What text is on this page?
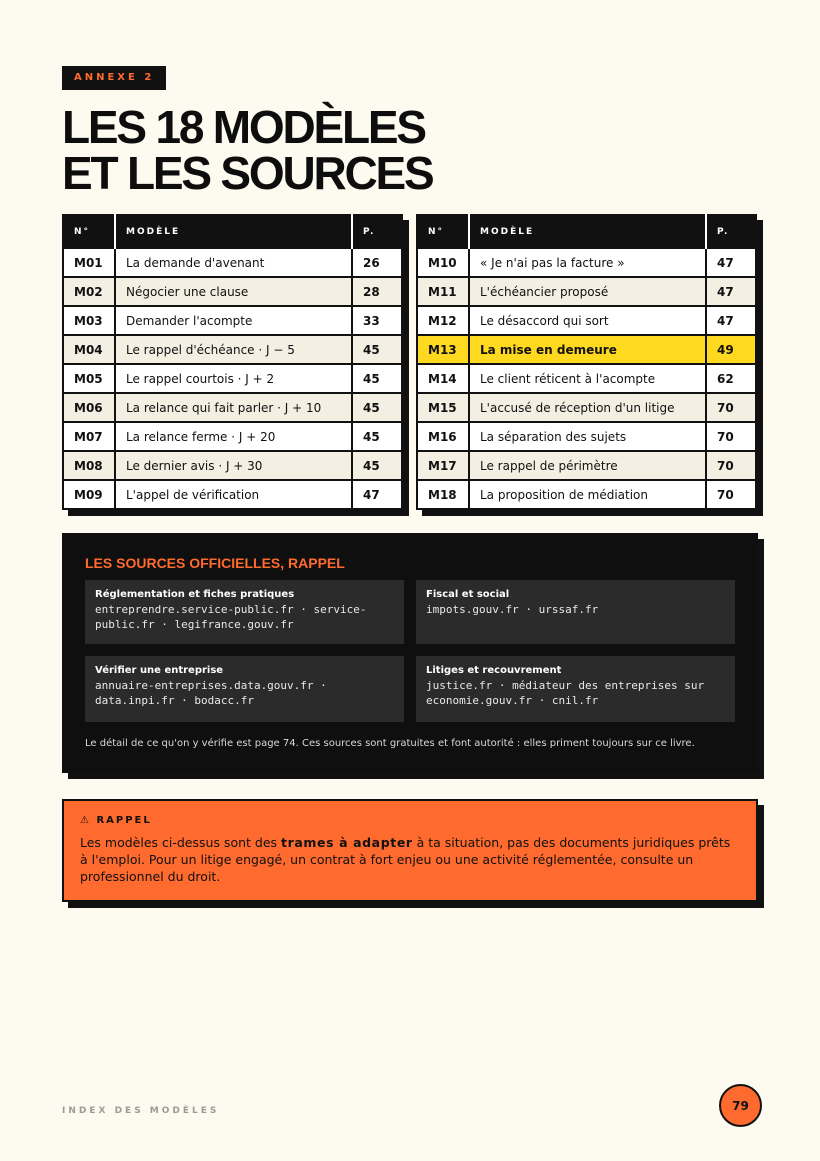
ANNEXE 2
LES 18 MODÈLES
ET LES SOURCES
N°	MODÈLE	P.
M01	La demande d'avenant	26
M02	Négocier une clause	28
M03	Demander l'acompte	33
M04	Le rappel d'échéance · J − 5	45
M05	Le rappel courtois · J + 2	45
M06	La relance qui fait parler · J + 10	45
M07	La relance ferme · J + 20	45
M08	Le dernier avis · J + 30	45
M09	L'appel de vérification	47
N°	MODÈLE	P.
M10	« Je n'ai pas la facture »	47
M11	L'échéancier proposé	47
M12	Le désaccord qui sort	47
M13	La mise en demeure	49
M14	Le client réticent à l'acompte	62
M15	L'accusé de réception d'un litige	70
M16	La séparation des sujets	70
M17	Le rappel de périmètre	70
M18	La proposition de médiation	70
LES SOURCES OFFICIELLES, RAPPEL
Réglementation et fiches pratiques
entreprendre.service-public.fr · service-public.fr · legifrance.gouv.fr
Fiscal et social
impots.gouv.fr · urssaf.fr
Vérifier une entreprise
annuaire-entreprises.data.gouv.fr · data.inpi.fr · bodacc.fr
Litiges et recouvrement
justice.fr · médiateur des entreprises sur economie.gouv.fr · cnil.fr
Le détail de ce qu'on y vérifie est page 74. Ces sources sont gratuites et font autorité : elles priment toujours sur ce livre.
⚠ RAPPEL
Les modèles ci-dessus sont des trames à adapter à ta situation, pas des documents juridiques prêts à l'emploi. Pour un litige engagé, un contrat à fort enjeu ou une activité réglementée, consulte un professionnel du droit.
INDEX DES MODÈLES	79
